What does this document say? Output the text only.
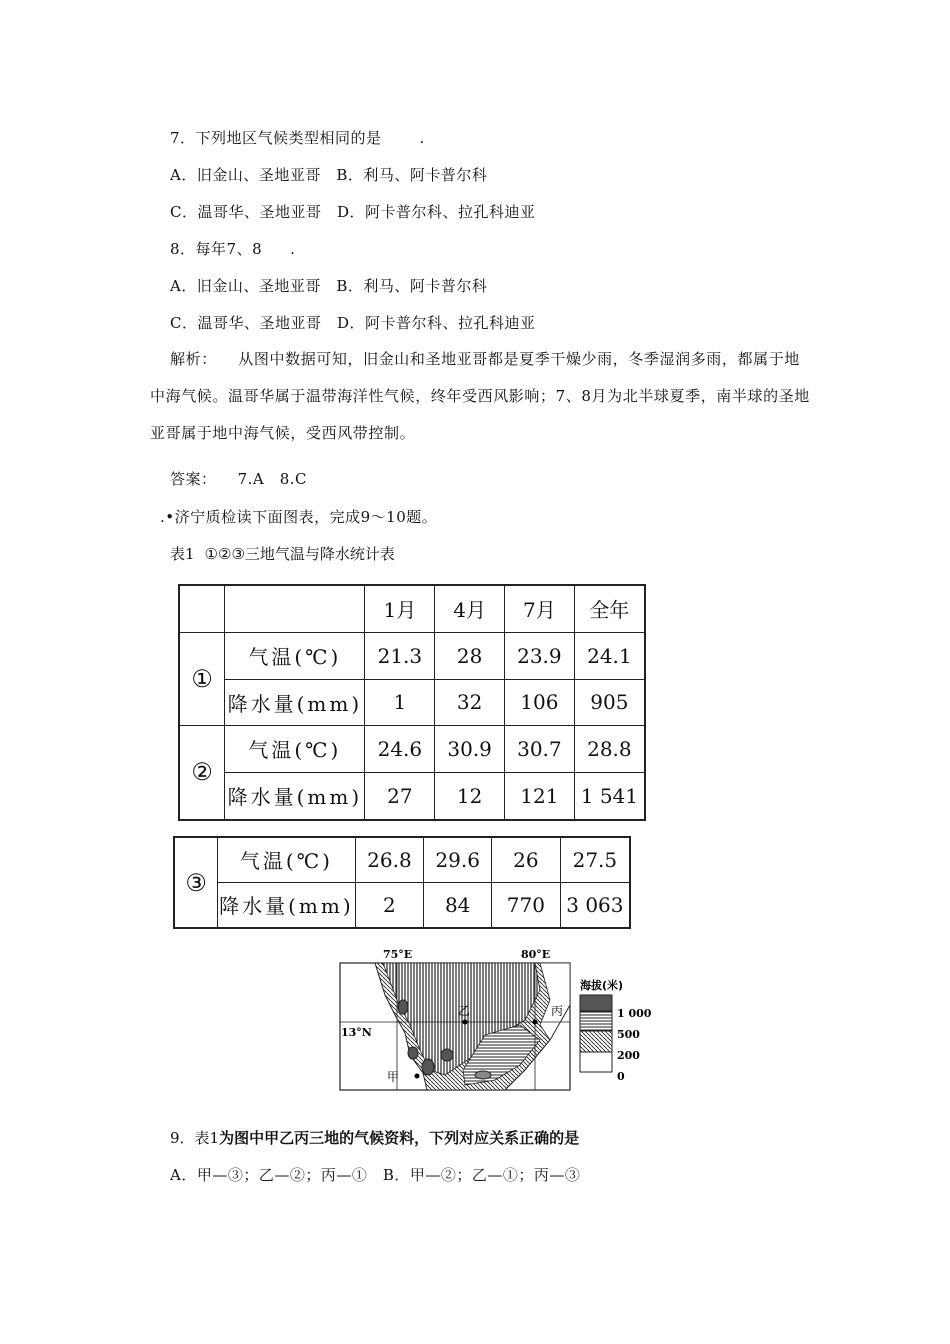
7．下列地区气候类型相同的是	.
A．旧金山、圣地亚哥　B．利马、阿卡普尔科
C．温哥华、圣地亚哥　D．阿卡普尔科、拉孔科迪亚
8．每年7、8 .
A．旧金山、圣地亚哥　B．利马、阿卡普尔科
C．温哥华、圣地亚哥　D．阿卡普尔科、拉孔科迪亚
解析： 从图中数据可知，旧金山和圣地亚哥都是夏季干燥少雨，冬季湿润多雨，都属于地中海气候。温哥华属于温带海洋性气候，终年受西风影响；7、8月为北半球夏季，南半球的圣地亚哥属于地中海气候，受西风带控制。
答案： 7.A　8.C
.•济宁质检读下面图表，完成9～10题。
表1 ①②③三地气温与降水统计表
		1月	4月	7月	全年
①	气温(℃)	21.3	28	23.9	24.1
	降水量(mm)	1	32	106	905
②	气温(℃)	24.6	30.9	30.7	28.8
	降水量(mm)	27	12	121	1 541
③	气温(℃)	26.8	29.6	26	27.5
	降水量(mm)	2	84	770	3 063
75°E	80°E
13°N
乙	丙
甲
海拔(米)
1 000
500
200
0
9．表1为图中甲乙丙三地的气候资料，下列对应关系正确的是
A．甲—③；乙—②；丙—①　B．甲—②；乙—①；丙—③
